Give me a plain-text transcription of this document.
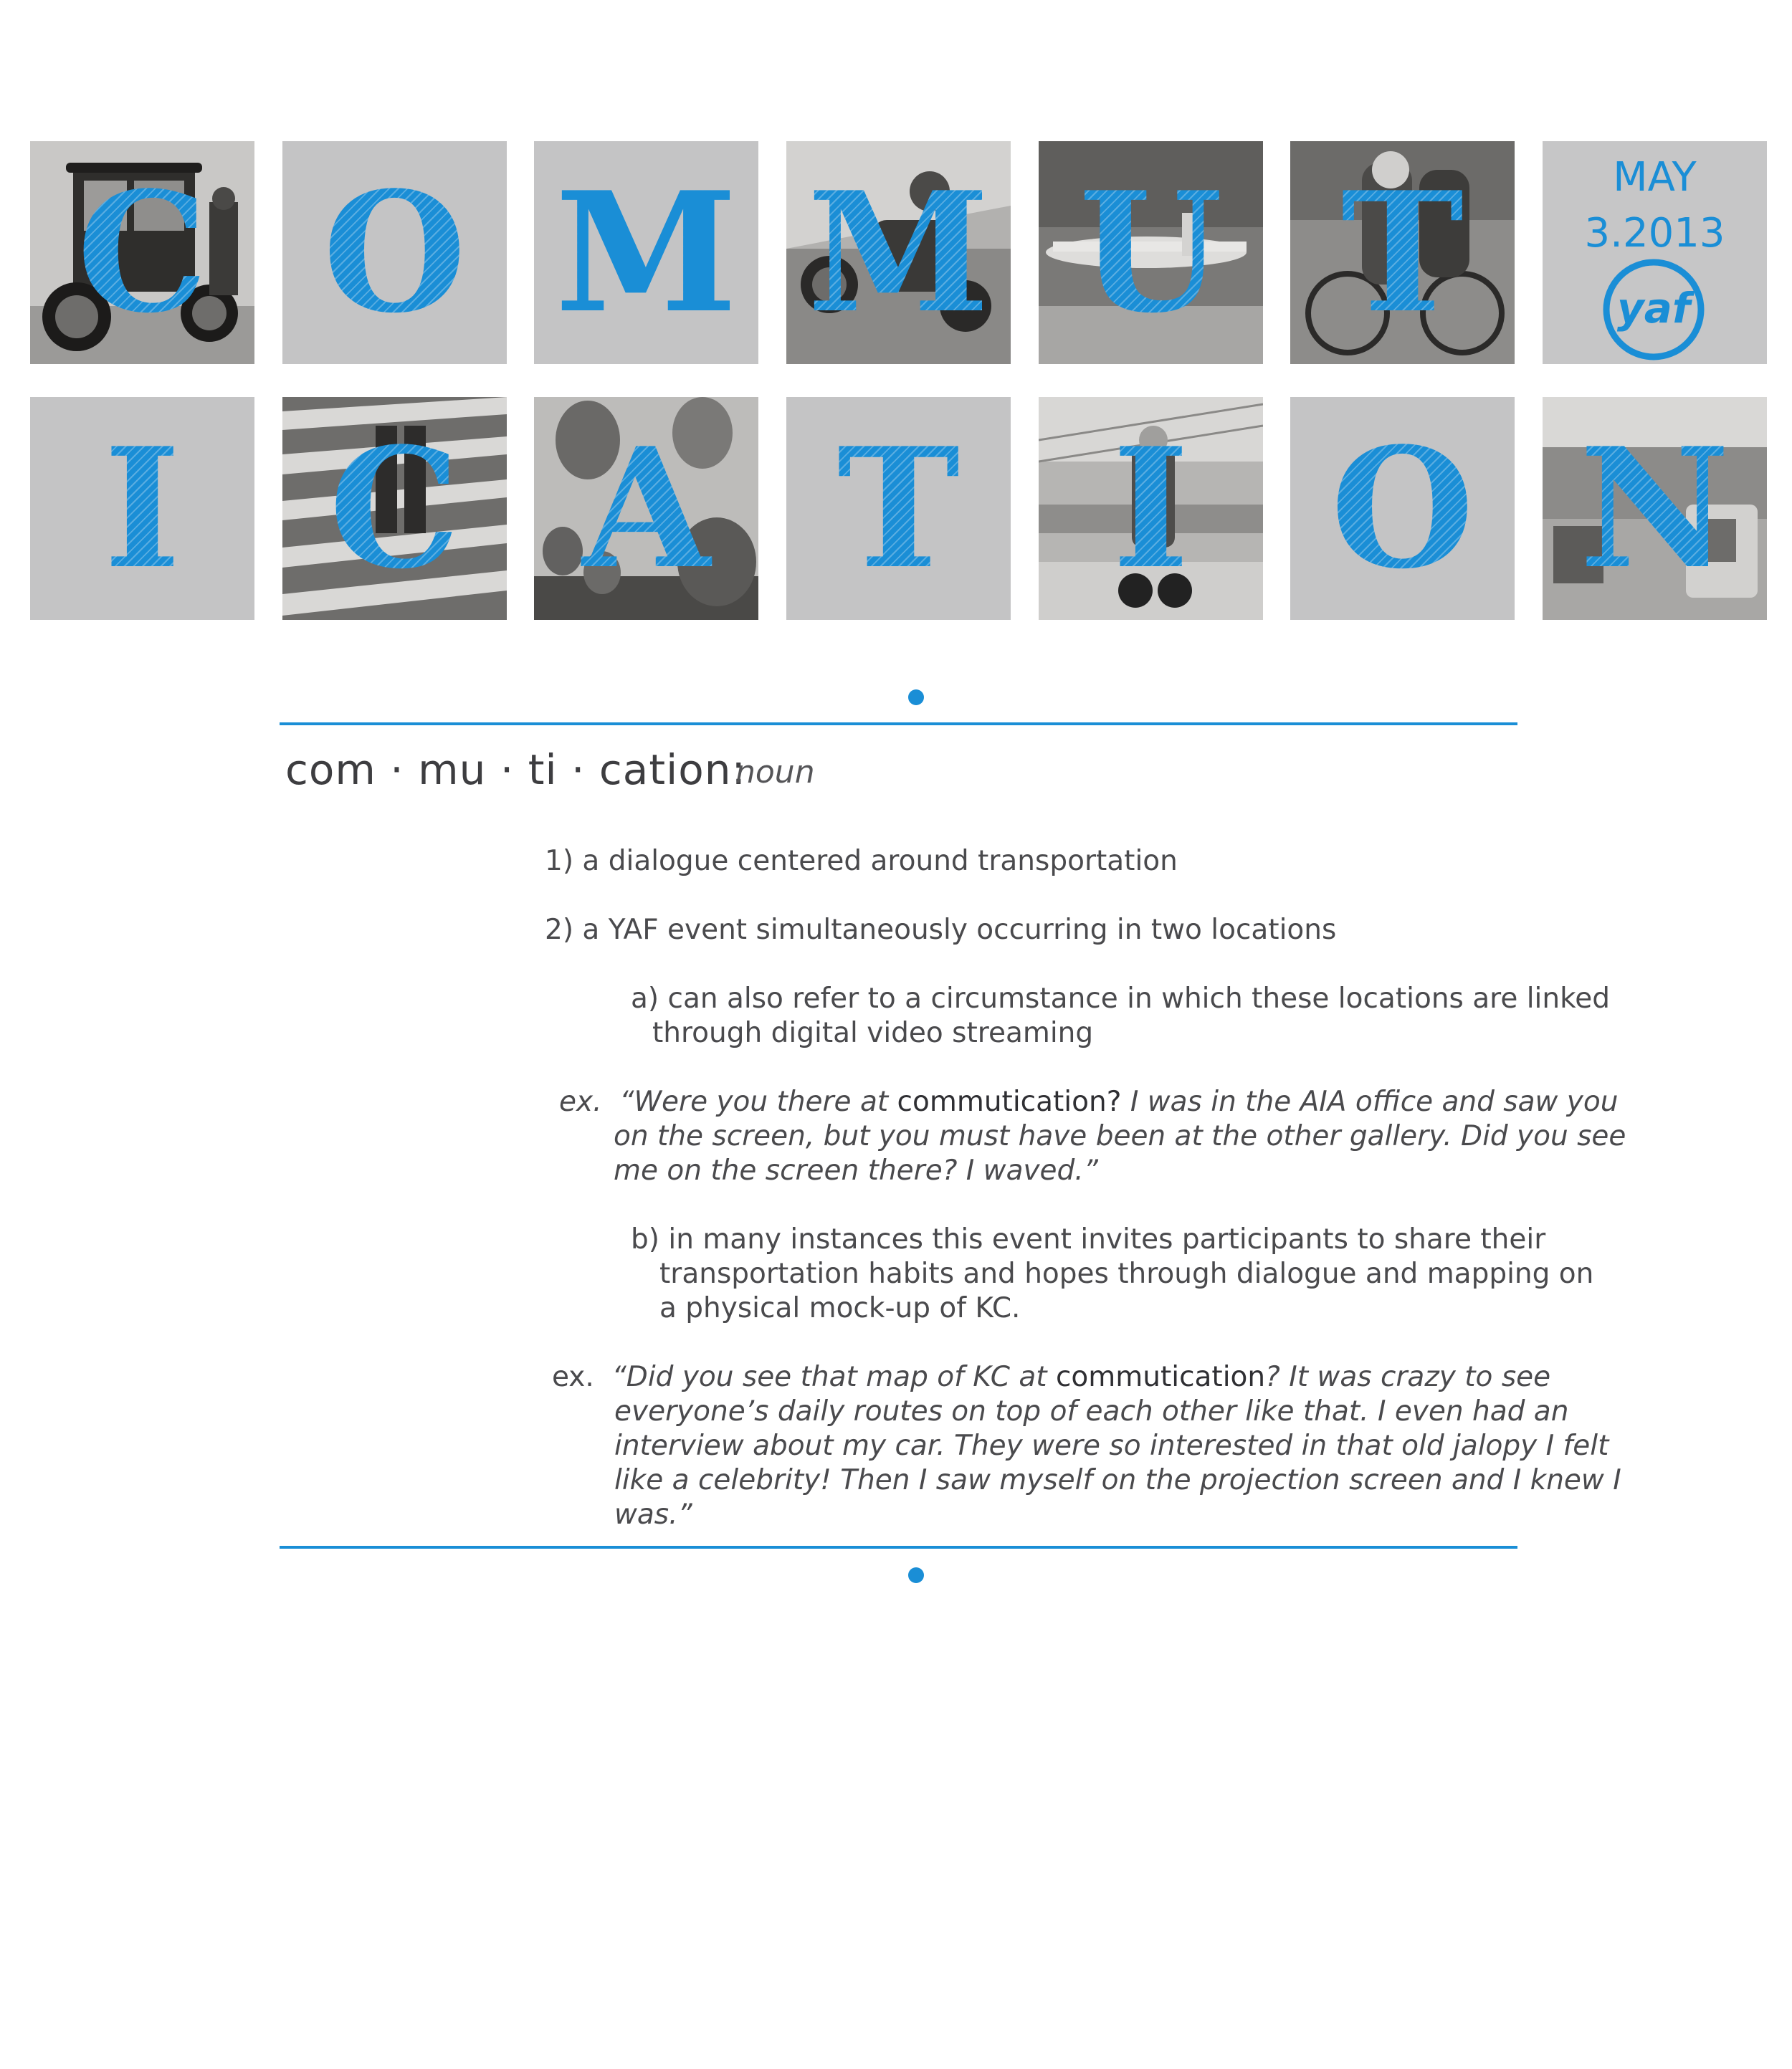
C O M M U T	MAY
3.2013
yaf
I C A T I O N
com · mu · ti · cation:
noun
1) a dialogue centered around transportation
2) a YAF event simultaneously occurring in two locations
a) can also refer to a circumstance in which these locations are linked
through digital video streaming
ex. “Were you there at commutication? I was in the AIA office and saw you
on the screen, but you must have been at the other gallery. Did you see
me on the screen there? I waved.”
b) in many instances this event invites participants to share their
transportation habits and hopes through dialogue and mapping on
a physical mock-up of KC.
ex. “Did you see that map of KC at commutication? It was crazy to see
everyone’s daily routes on top of each other like that. I even had an
interview about my car. They were so interested in that old jalopy I felt
like a celebrity! Then I saw myself on the projection screen and I knew I
was.”
